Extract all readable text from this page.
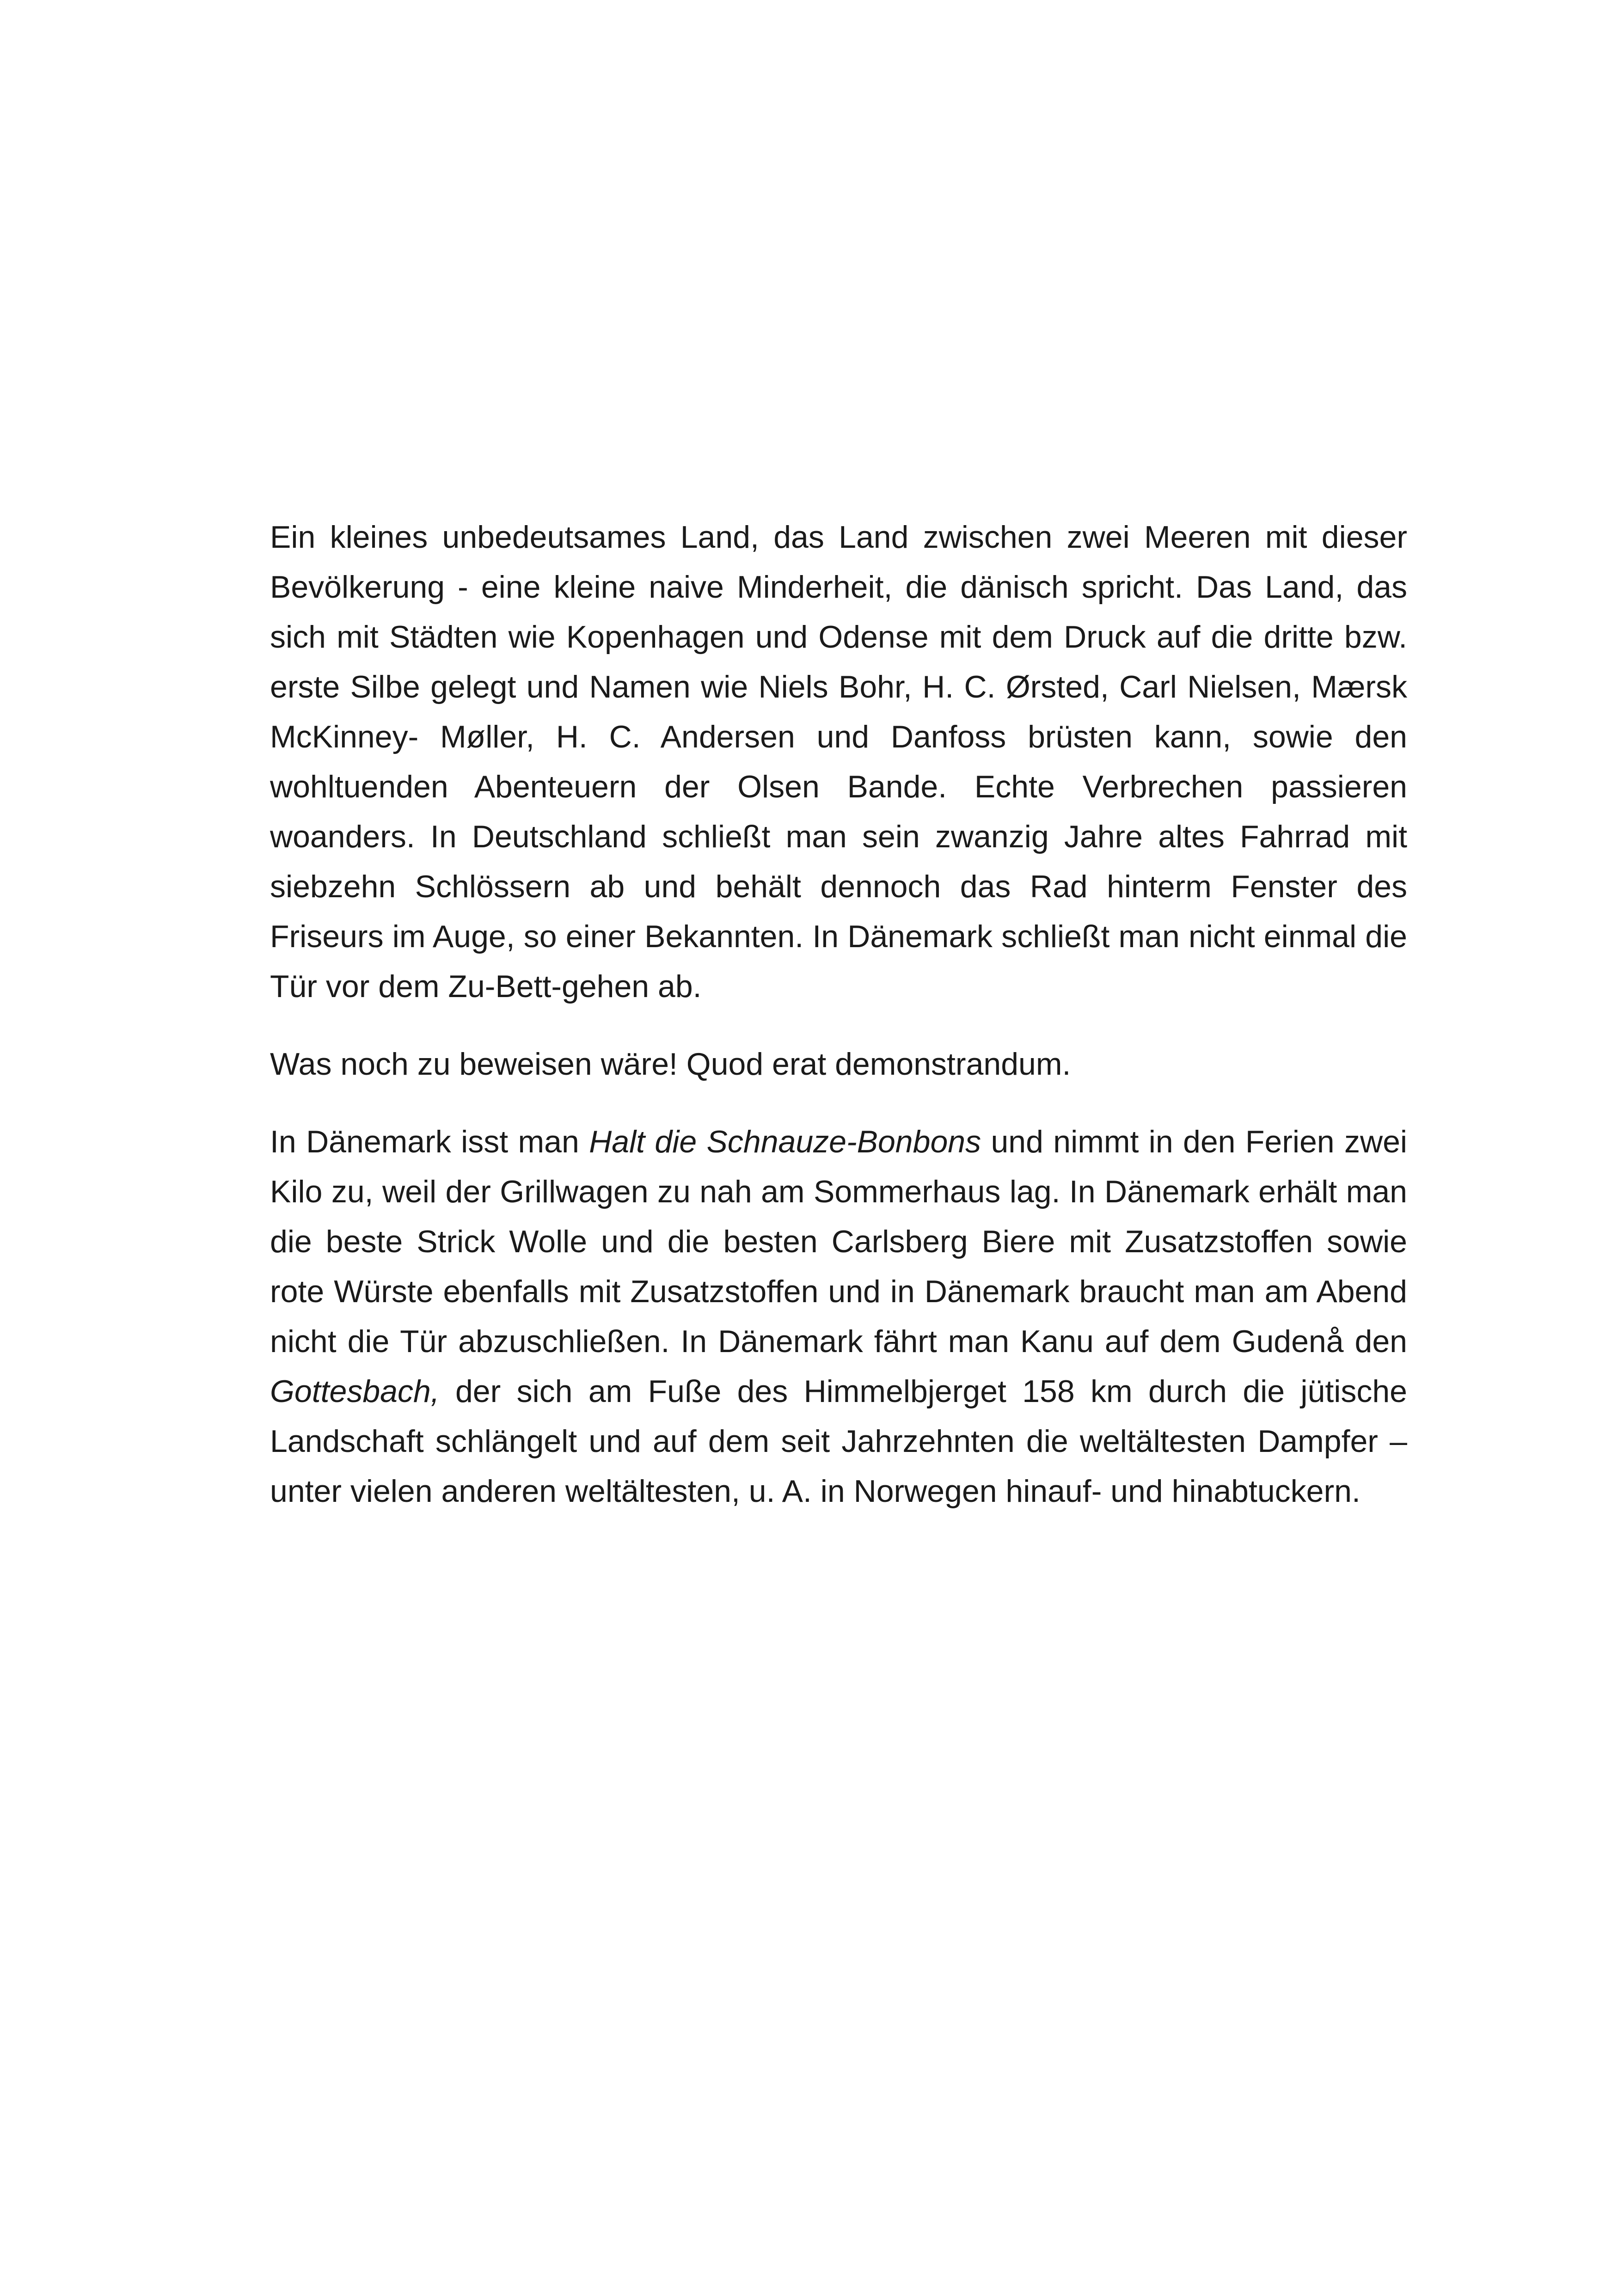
Ein kleines unbedeutsames Land, das Land zwischen zwei Meeren mit dieser Bevölkerung - eine kleine naive Minderheit, die dänisch spricht. Das Land, das sich mit Städten wie Kopenhagen und Odense mit dem Druck auf die dritte bzw. erste Silbe gelegt und Namen wie Niels Bohr, H. C. Ørsted, Carl Nielsen, Mærsk McKinney- Møller, H. C. Andersen und Danfoss brüsten kann, sowie den wohltuenden Abenteuern der Olsen Bande. Echte Verbrechen passieren woanders. In Deutschland schließt man sein zwanzig Jahre altes Fahrrad mit siebzehn Schlössern ab und behält dennoch das Rad hinterm Fenster des Friseurs im Auge, so einer Bekannten. In Dänemark schließt man nicht einmal die Tür vor dem Zu-Bett-gehen ab.

Was noch zu beweisen wäre! Quod erat demonstrandum.

In Dänemark isst man Halt die Schnauze-Bonbons und nimmt in den Ferien zwei Kilo zu, weil der Grillwagen zu nah am Sommerhaus lag. In Dänemark erhält man die beste Strick Wolle und die besten Carlsberg Biere mit Zusatzstoffen sowie rote Würste ebenfalls mit Zusatzstoffen und in Dänemark braucht man am Abend nicht die Tür abzuschließen. In Dänemark fährt man Kanu auf dem Gudenå den Gottesbach, der sich am Fuße des Himmelbjerget 158 km durch die jütische Landschaft schlängelt und auf dem seit Jahrzehnten die weltältesten Dampfer – unter vielen anderen weltältesten, u. A. in Norwegen hinauf- und hinabtuckern.
